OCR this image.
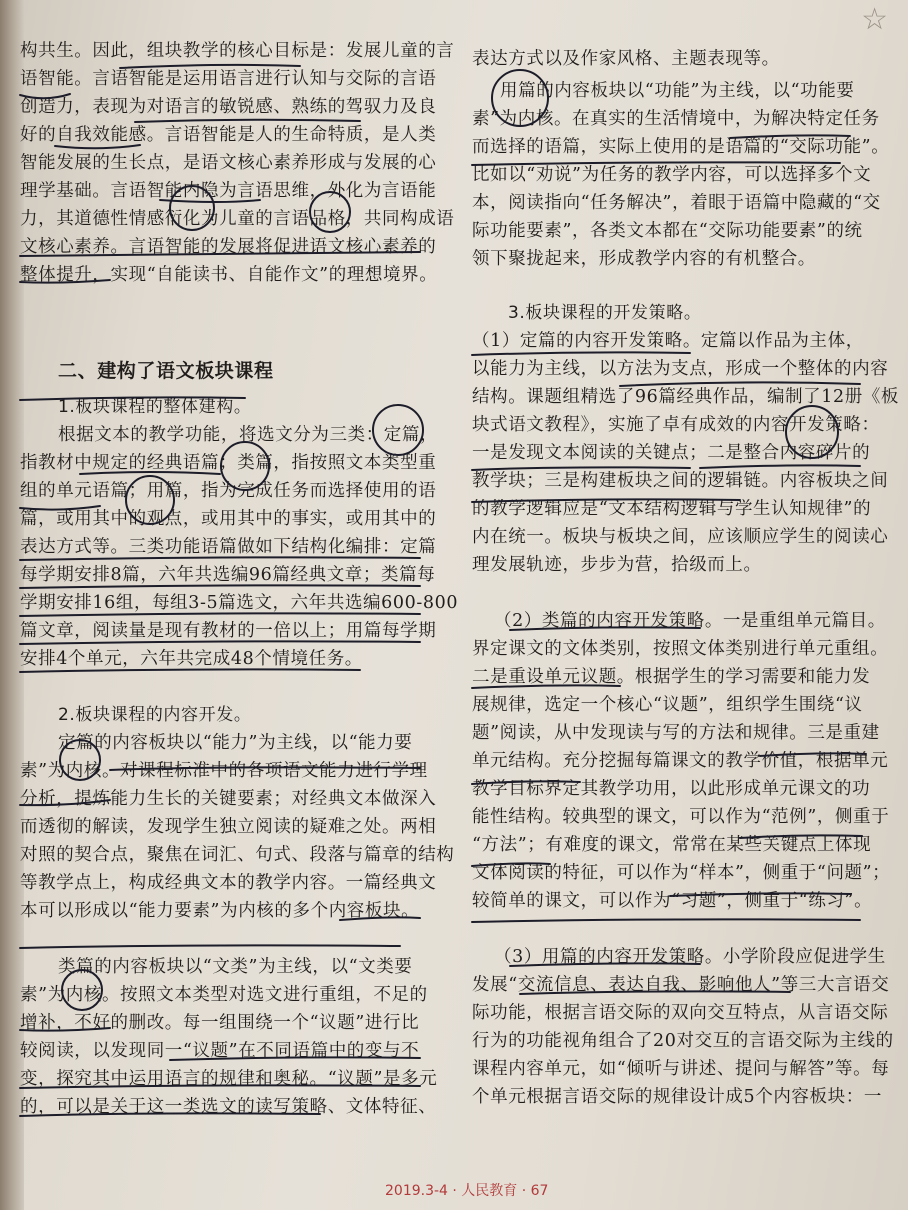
☆
构共生。因此，组块教学的核心目标是：发展儿童的言
语智能。言语智能是运用语言进行认知与交际的言语
创造力，表现为对语言的敏锐感、熟练的驾驭力及良
好的自我效能感。言语智能是人的生命特质，是人类
智能发展的生长点，是语文核心素养形成与发展的心
理学基础。言语智能内隐为言语思维，外化为言语能
力，其道德性情感衍化为儿童的言语品格，共同构成语
文核心素养。言语智能的发展将促进语文核心素养的
整体提升，实现“自能读书、自能作文”的理想境界。
二、建构了语文板块课程
1.板块课程的整体建构。
根据文本的教学功能，将选文分为三类：定篇，
指教材中规定的经典语篇；类篇，指按照文本类型重
组的单元语篇；用篇，指为完成任务而选择使用的语
篇，或用其中的观点，或用其中的事实，或用其中的
表达方式等。三类功能语篇做如下结构化编排：定篇
每学期安排8篇，六年共选编96篇经典文章；类篇每
学期安排16组，每组3-5篇选文，六年共选编600-800
篇文章，阅读量是现有教材的一倍以上；用篇每学期
安排4个单元，六年共完成48个情境任务。
2.板块课程的内容开发。
定篇的内容板块以“能力”为主线，以“能力要
素”为内核。对课程标准中的各项语文能力进行学理
分析，提炼能力生长的关键要素；对经典文本做深入
而透彻的解读，发现学生独立阅读的疑难之处。两相
对照的契合点，聚焦在词汇、句式、段落与篇章的结构
等教学点上，构成经典文本的教学内容。一篇经典文
本可以形成以“能力要素”为内核的多个内容板块。
类篇的内容板块以“文类”为主线，以“文类要
素”为内核。按照文本类型对选文进行重组，不足的
增补，不好的删改。每一组围绕一个“议题”进行比
较阅读，以发现同一“议题”在不同语篇中的变与不
变，探究其中运用语言的规律和奥秘。“议题”是多元
的，可以是关于这一类选文的读写策略、文体特征、
表达方式以及作家风格、主题表现等。
用篇的内容板块以“功能”为主线，以“功能要
素”为内核。在真实的生活情境中，为解决特定任务
而选择的语篇，实际上使用的是语篇的“交际功能”。
比如以“劝说”为任务的教学内容，可以选择多个文
本，阅读指向“任务解决”，着眼于语篇中隐藏的“交
际功能要素”，各类文本都在“交际功能要素”的统
领下聚拢起来，形成教学内容的有机整合。
3.板块课程的开发策略。
（1）定篇的内容开发策略。定篇以作品为主体，
以能力为主线，以方法为支点，形成一个整体的内容
结构。课题组精选了96篇经典作品，编制了12册《板
块式语文教程》，实施了卓有成效的内容开发策略：
一是发现文本阅读的关键点；二是整合内容碎片的
教学块；三是构建板块之间的逻辑链。内容板块之间
的教学逻辑应是“文本结构逻辑与学生认知规律”的
内在统一。板块与板块之间，应该顺应学生的阅读心
理发展轨迹，步步为营，拾级而上。
（2）类篇的内容开发策略。一是重组单元篇目。
界定课文的文体类别，按照文体类别进行单元重组。
二是重设单元议题。根据学生的学习需要和能力发
展规律，选定一个核心“议题”，组织学生围绕“议
题”阅读，从中发现读与写的方法和规律。三是重建
单元结构。充分挖掘每篇课文的教学价值，根据单元
教学目标界定其教学功用，以此形成单元课文的功
能性结构。较典型的课文，可以作为“范例”，侧重于
“方法”；有难度的课文，常常在某些关键点上体现
文体阅读的特征，可以作为“样本”，侧重于“问题”；
较简单的课文，可以作为“习题”，侧重于“练习”。
（3）用篇的内容开发策略。小学阶段应促进学生
发展“交流信息、表达自我、影响他人”等三大言语交
际功能，根据言语交际的双向交互特点，从言语交际
行为的功能视角组合了20对交互的言语交际为主线的
课程内容单元，如“倾听与讲述、提问与解答”等。每
个单元根据言语交际的规律设计成5个内容板块：一
2019.3-4 · 人民教育 · 67
